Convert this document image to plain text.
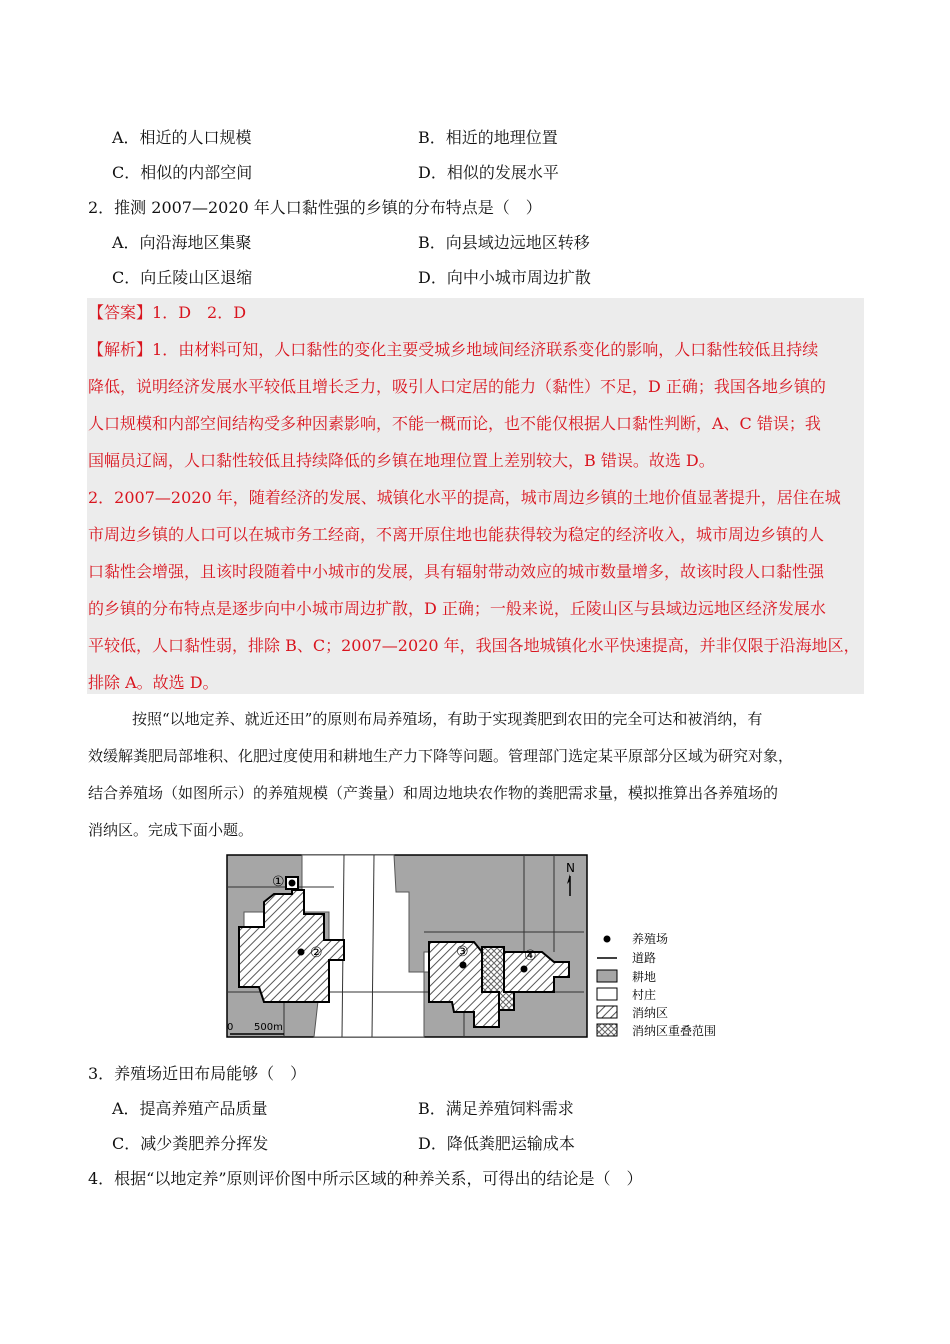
A．相近的人口规模	B．相近的地理位置
C．相似的内部空间	D．相似的发展水平
2．推测 2007—2020 年人口黏性强的乡镇的分布特点是（　）
A．向沿海地区集聚	B．向县域边远地区转移
C．向丘陵山区退缩	D．向中小城市周边扩散
【答案】1．D　2．D
【解析】1．由材料可知，人口黏性的变化主要受城乡地域间经济联系变化的影响，人口黏性较低且持续
降低，说明经济发展水平较低且增长乏力，吸引人口定居的能力（黏性）不足，D 正确；我国各地乡镇的
人口规模和内部空间结构受多种因素影响，不能一概而论，也不能仅根据人口黏性判断，A、C 错误；我
国幅员辽阔，人口黏性较低且持续降低的乡镇在地理位置上差别较大，B 错误。故选 D。
2．2007—2020 年，随着经济的发展、城镇化水平的提高，城市周边乡镇的土地价值显著提升，居住在城
市周边乡镇的人口可以在城市务工经商，不离开原住地也能获得较为稳定的经济收入，城市周边乡镇的人
口黏性会增强，且该时段随着中小城市的发展，具有辐射带动效应的城市数量增多，故该时段人口黏性强
的乡镇的分布特点是逐步向中小城市周边扩散，D 正确；一般来说，丘陵山区与县域边远地区经济发展水
平较低，人口黏性弱，排除 B、C；2007—2020 年，我国各地城镇化水平快速提高，并非仅限于沿海地区，
排除 A。故选 D。
按照“以地定养、就近还田”的原则布局养殖场，有助于实现粪肥到农田的完全可达和被消纳，有
效缓解粪肥局部堆积、化肥过度使用和耕地生产力下降等问题。管理部门选定某平原部分区域为研究对象，
结合养殖场（如图所示）的养殖规模（产粪量）和周边地块农作物的粪肥需求量，模拟推算出各养殖场的
消纳区。完成下面小题。
①
②	③	④
N
0 500m
养殖场
道路
耕地
村庄
消纳区
消纳区重叠范围
3．养殖场近田布局能够（　）
A．提高养殖产品质量	B．满足养殖饲料需求
C．减少粪肥养分挥发	D．降低粪肥运输成本
4．根据“以地定养”原则评价图中所示区域的种养关系，可得出的结论是（　）
